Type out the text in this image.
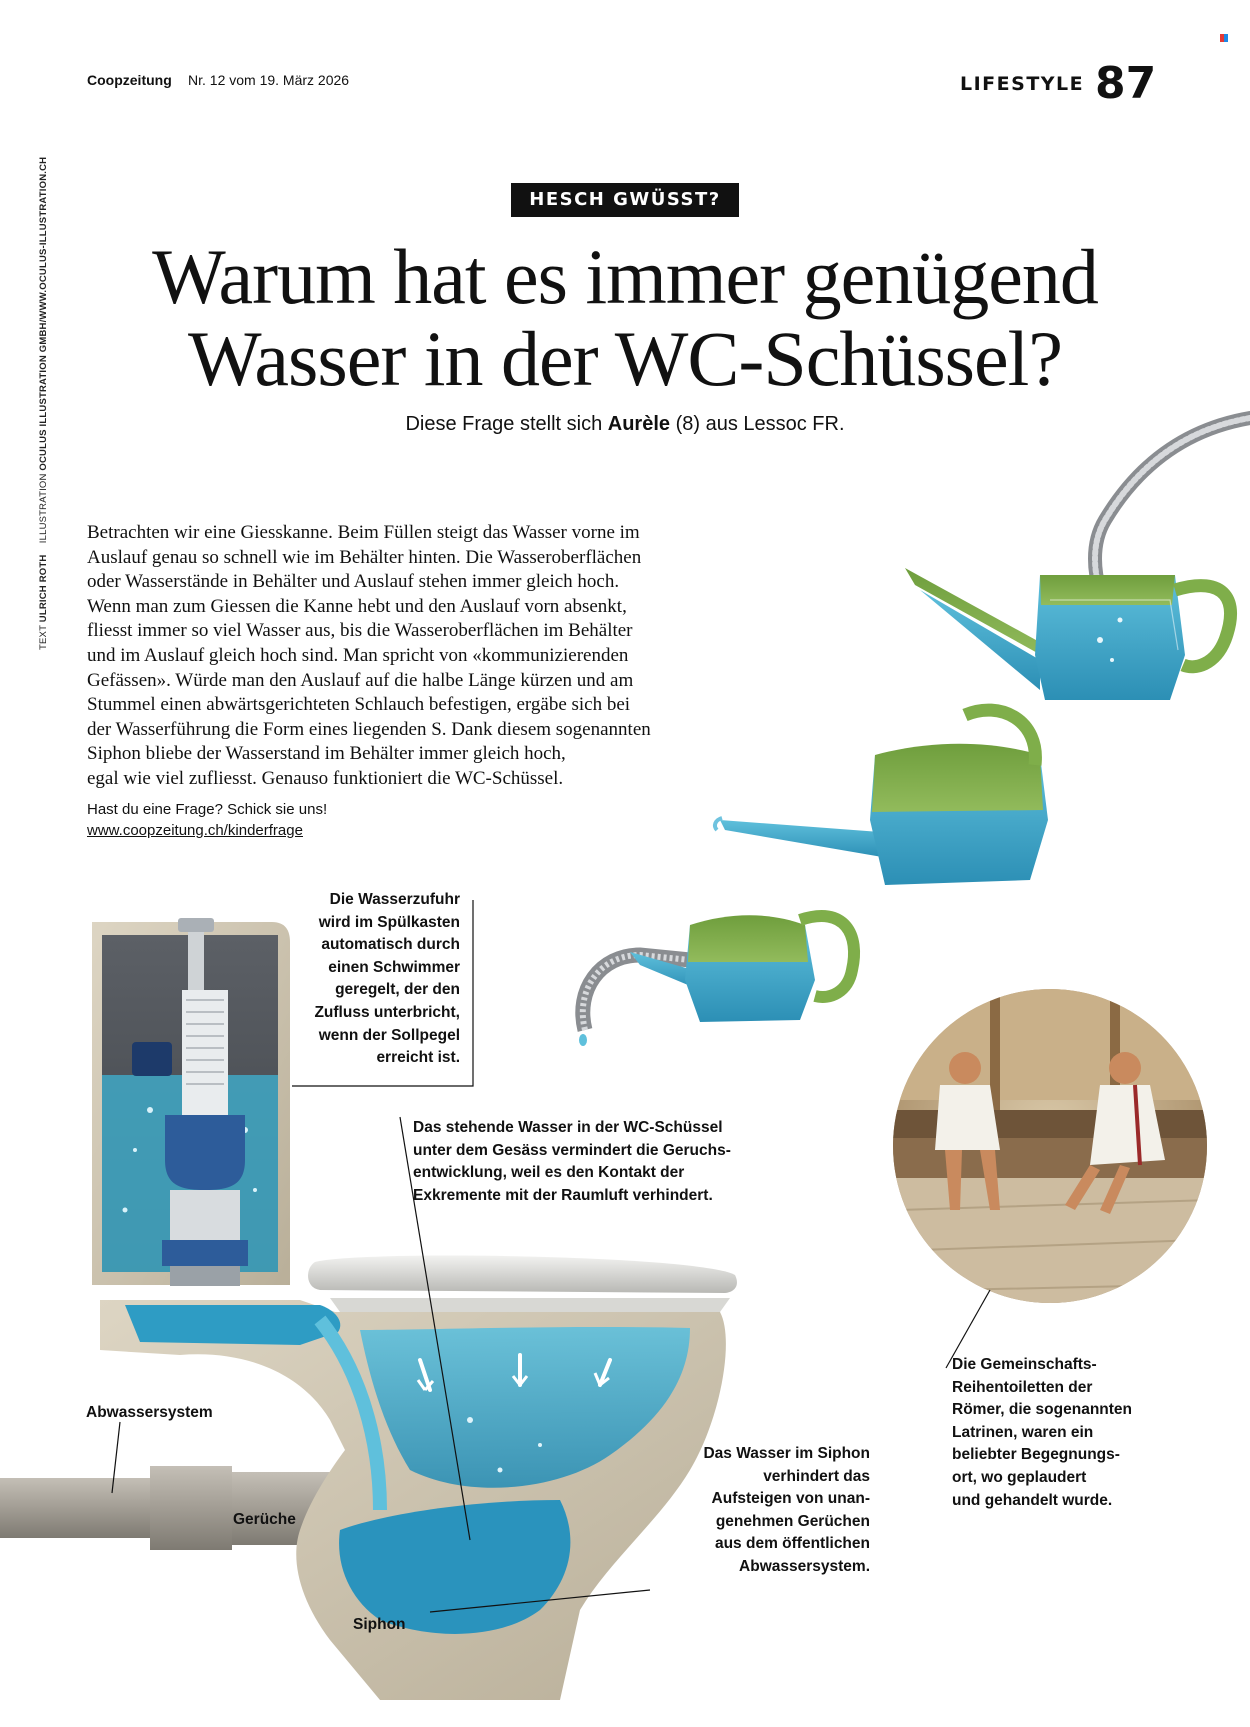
Coopzeitung Nr. 12 vom 19. März 2026	LIFESTYLE 87
TEXT ULRICH ROTH    ILLUSTRATION OCULUS ILLUSTRATION GMBH/WWW.OCULUS-ILLUSTRATION.CH	HESCH GWÜSST?
Warum hat es immer genügend
Wasser in der WC-Schüssel?
Diese Frage stellt sich Aurèle (8) aus Lessoc FR.
Betrachten wir eine Giesskanne. Beim Füllen steigt das Wasser vorne im
Auslauf genau so schnell wie im Behälter hinten. Die Wasseroberflächen
oder Wasserstände in Behälter und Auslauf stehen immer gleich hoch.
Wenn man zum Giessen die Kanne hebt und den Auslauf vorn absenkt,
fliesst immer so viel Wasser aus, bis die Wasseroberflächen im Behälter
und im Auslauf gleich hoch sind. Man spricht von «kommunizierenden
Gefässen». Würde man den Auslauf auf die halbe Länge kürzen und am
Stummel einen abwärtsgerichteten Schlauch befestigen, ergäbe sich bei
der Wasserführung die Form eines liegenden S. Dank diesem sogenannten
Siphon bliebe der Wasserstand im Behälter immer gleich hoch,
egal wie viel zufliesst. Genauso funktioniert die WC-Schüssel.
Hast du eine Frage? Schick sie uns!
www.coopzeitung.ch/kinderfrage
Die Wasserzufuhr
wird im Spülkasten
automatisch durch
einen Schwimmer
geregelt, der den
Zufluss unterbricht,
wenn der Sollpegel
erreicht ist.
Das stehende Wasser in der WC-Schüssel
unter dem Gesäss vermindert die Geruchs-
entwicklung, weil es den Kontakt der
Exkremente mit der Raumluft verhindert.
Das Wasser im Siphon
verhindert das
Aufsteigen von unan-
genehmen Gerüchen
aus dem öffentlichen
Abwassersystem.
Die Gemeinschafts-
Reihentoiletten der
Römer, die sogenannten
Latrinen, waren ein
beliebter Begegnungs-
ort, wo geplaudert
und gehandelt wurde.
Abwassersystem
Gerüche
Siphon
